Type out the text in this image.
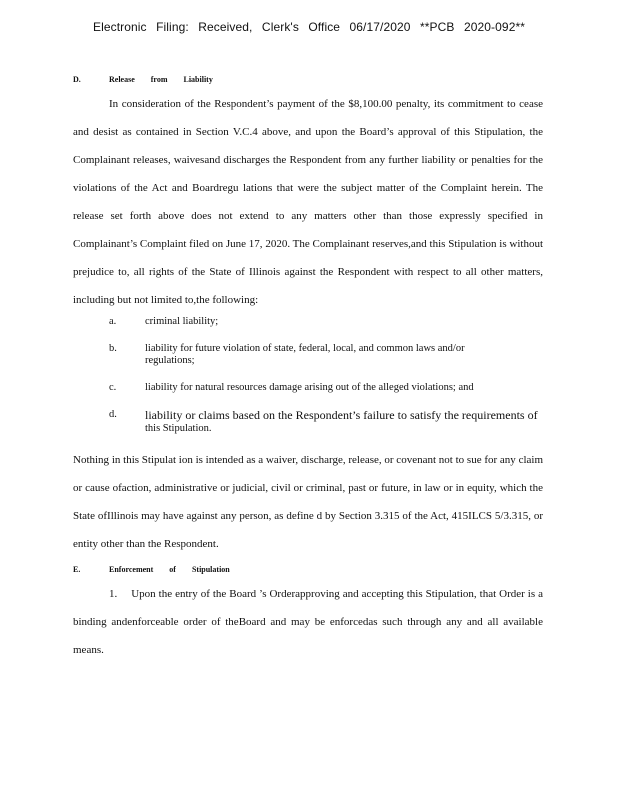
Electronic Filing: Received, Clerk's Office 06/17/2020 **PCB 2020-092**
D.	Release from Liability

In consideration of the Respondent’s payment of the $8,100.00 penalty, its commitment to cease and desist as contained in Section V.C.4 above, and upon the Board’s approval of this Stipulation, the Complainant releases, waivesand discharges the Respondent from any further liability or penalties for the violations of the Act and Boardregu lations that were the subject matter of the Complaint herein. The release set forth above does not extend to any matters other than those expressly specified in Complainant’s Complaint filed on June 17, 2020. The Complainant reserves,and this Stipulation is without prejudice to, all rights of the State of Illinois against the Respondent with respect to all other matters, including but not limited to,the following:

a.	criminal liability;
b.	liability for future violation of state, federal, local, and common laws and/or
regulations;
c.	liability for natural resources damage arising out of the alleged violations; and
d.	liability or claims based on the Respondent’s failure to satisfy the requirements of
this Stipulation.

Nothing in this Stipulat ion is intended as a waiver, discharge, release, or covenant not to sue for any claim or cause ofaction, administrative or judicial, civil or criminal, past or future, in law or in equity, which the State ofIllinois may have against any person, as define d by Section 3.315 of the Act, 415ILCS 5/3.315, or entity other than the Respondent.

E.	Enforcement of Stipulation

1.  Upon the entry of the Board ’s Orderapproving and accepting this Stipulation, that Order is a binding andenforceable order of theBoard and may be enforcedas such through any and all available means.
